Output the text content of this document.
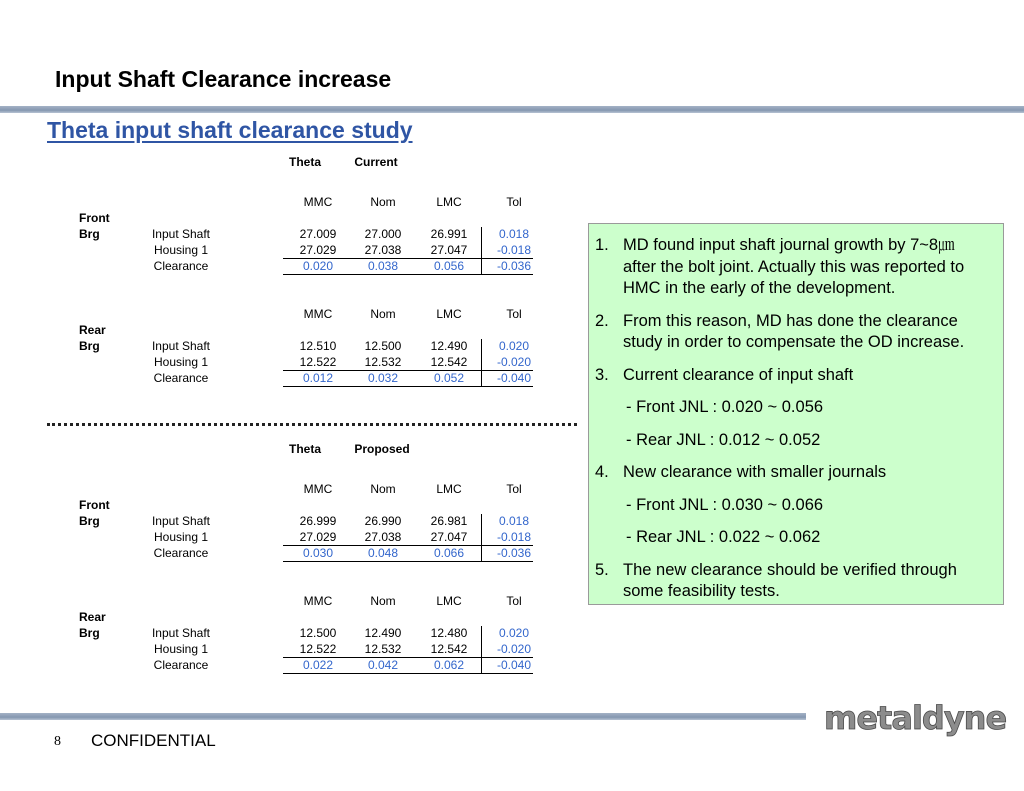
Input Shaft Clearance increase
Theta input shaft clearance study
Theta	Current
MMC	Nom	LMC	Tol
Front
Brg	Input Shaft	27.009 27.000 26.991	0.018
Housing 1	27.029 27.038 27.047 -0.018
Clearance	0.020	0.038	0.056	-0.036
MMC	Nom	LMC	Tol
Rear
Brg	Input Shaft	12.510 12.500 12.490	0.020
Housing 1	12.522 12.532 12.542 -0.020
Clearance	0.012	0.032	0.052	-0.040
Theta	Proposed
MMC	Nom	LMC	Tol
Front
Brg	Input Shaft	26.999 26.990 26.981	0.018
Housing 1	27.029 27.038 27.047 -0.018
Clearance	0.030	0.048	0.066	-0.036
MMC	Nom	LMC	Tol
Rear
Brg	Input Shaft	12.500 12.490 12.480	0.020
Housing 1	12.522 12.532 12.542 -0.020
Clearance	0.022	0.042	0.062	-0.040
1. MD found input shaft journal growth by 7~8㎛
after the bolt joint. Actually this was reported to
HMC in the early of the development.
2. From this reason, MD has done the clearance
study in order to compensate the OD increase.
3. Current clearance of input shaft
- Front JNL : 0.020 ~ 0.056
- Rear JNL : 0.012 ~ 0.052
4. New clearance with smaller journals
- Front JNL : 0.030 ~ 0.066
- Rear JNL : 0.022 ~ 0.062
5. The new clearance should be verified through
some feasibility tests.
8 CONFIDENTIAL
metaldyne
